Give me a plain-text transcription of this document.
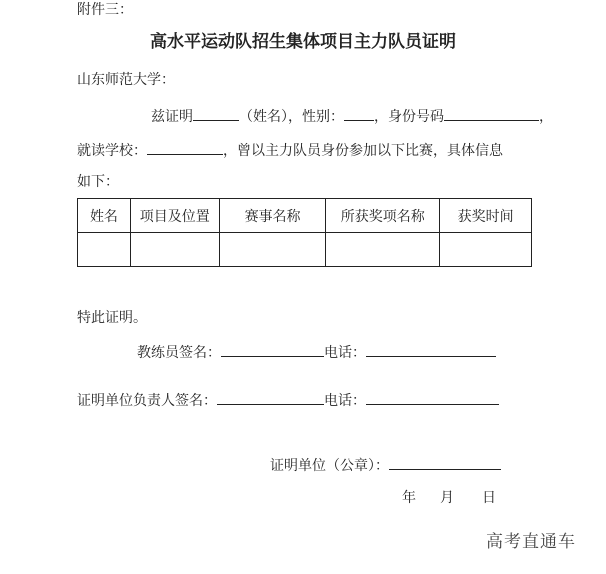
附件三：
高水平运动队招生集体项目主力队员证明
山东师范大学：
兹证明	（姓名），性别： ，身份号码	，
就读学校：	，曾以主力队员身份参加以下比赛，具体信息
如下：
姓名	项目及位置	赛事名称	所获奖项名称	获奖时间

特此证明。
教练员签名：	电话：
证明单位负责人签名：	电话：
证明单位（公章）：
年 月 日
高考直通车
